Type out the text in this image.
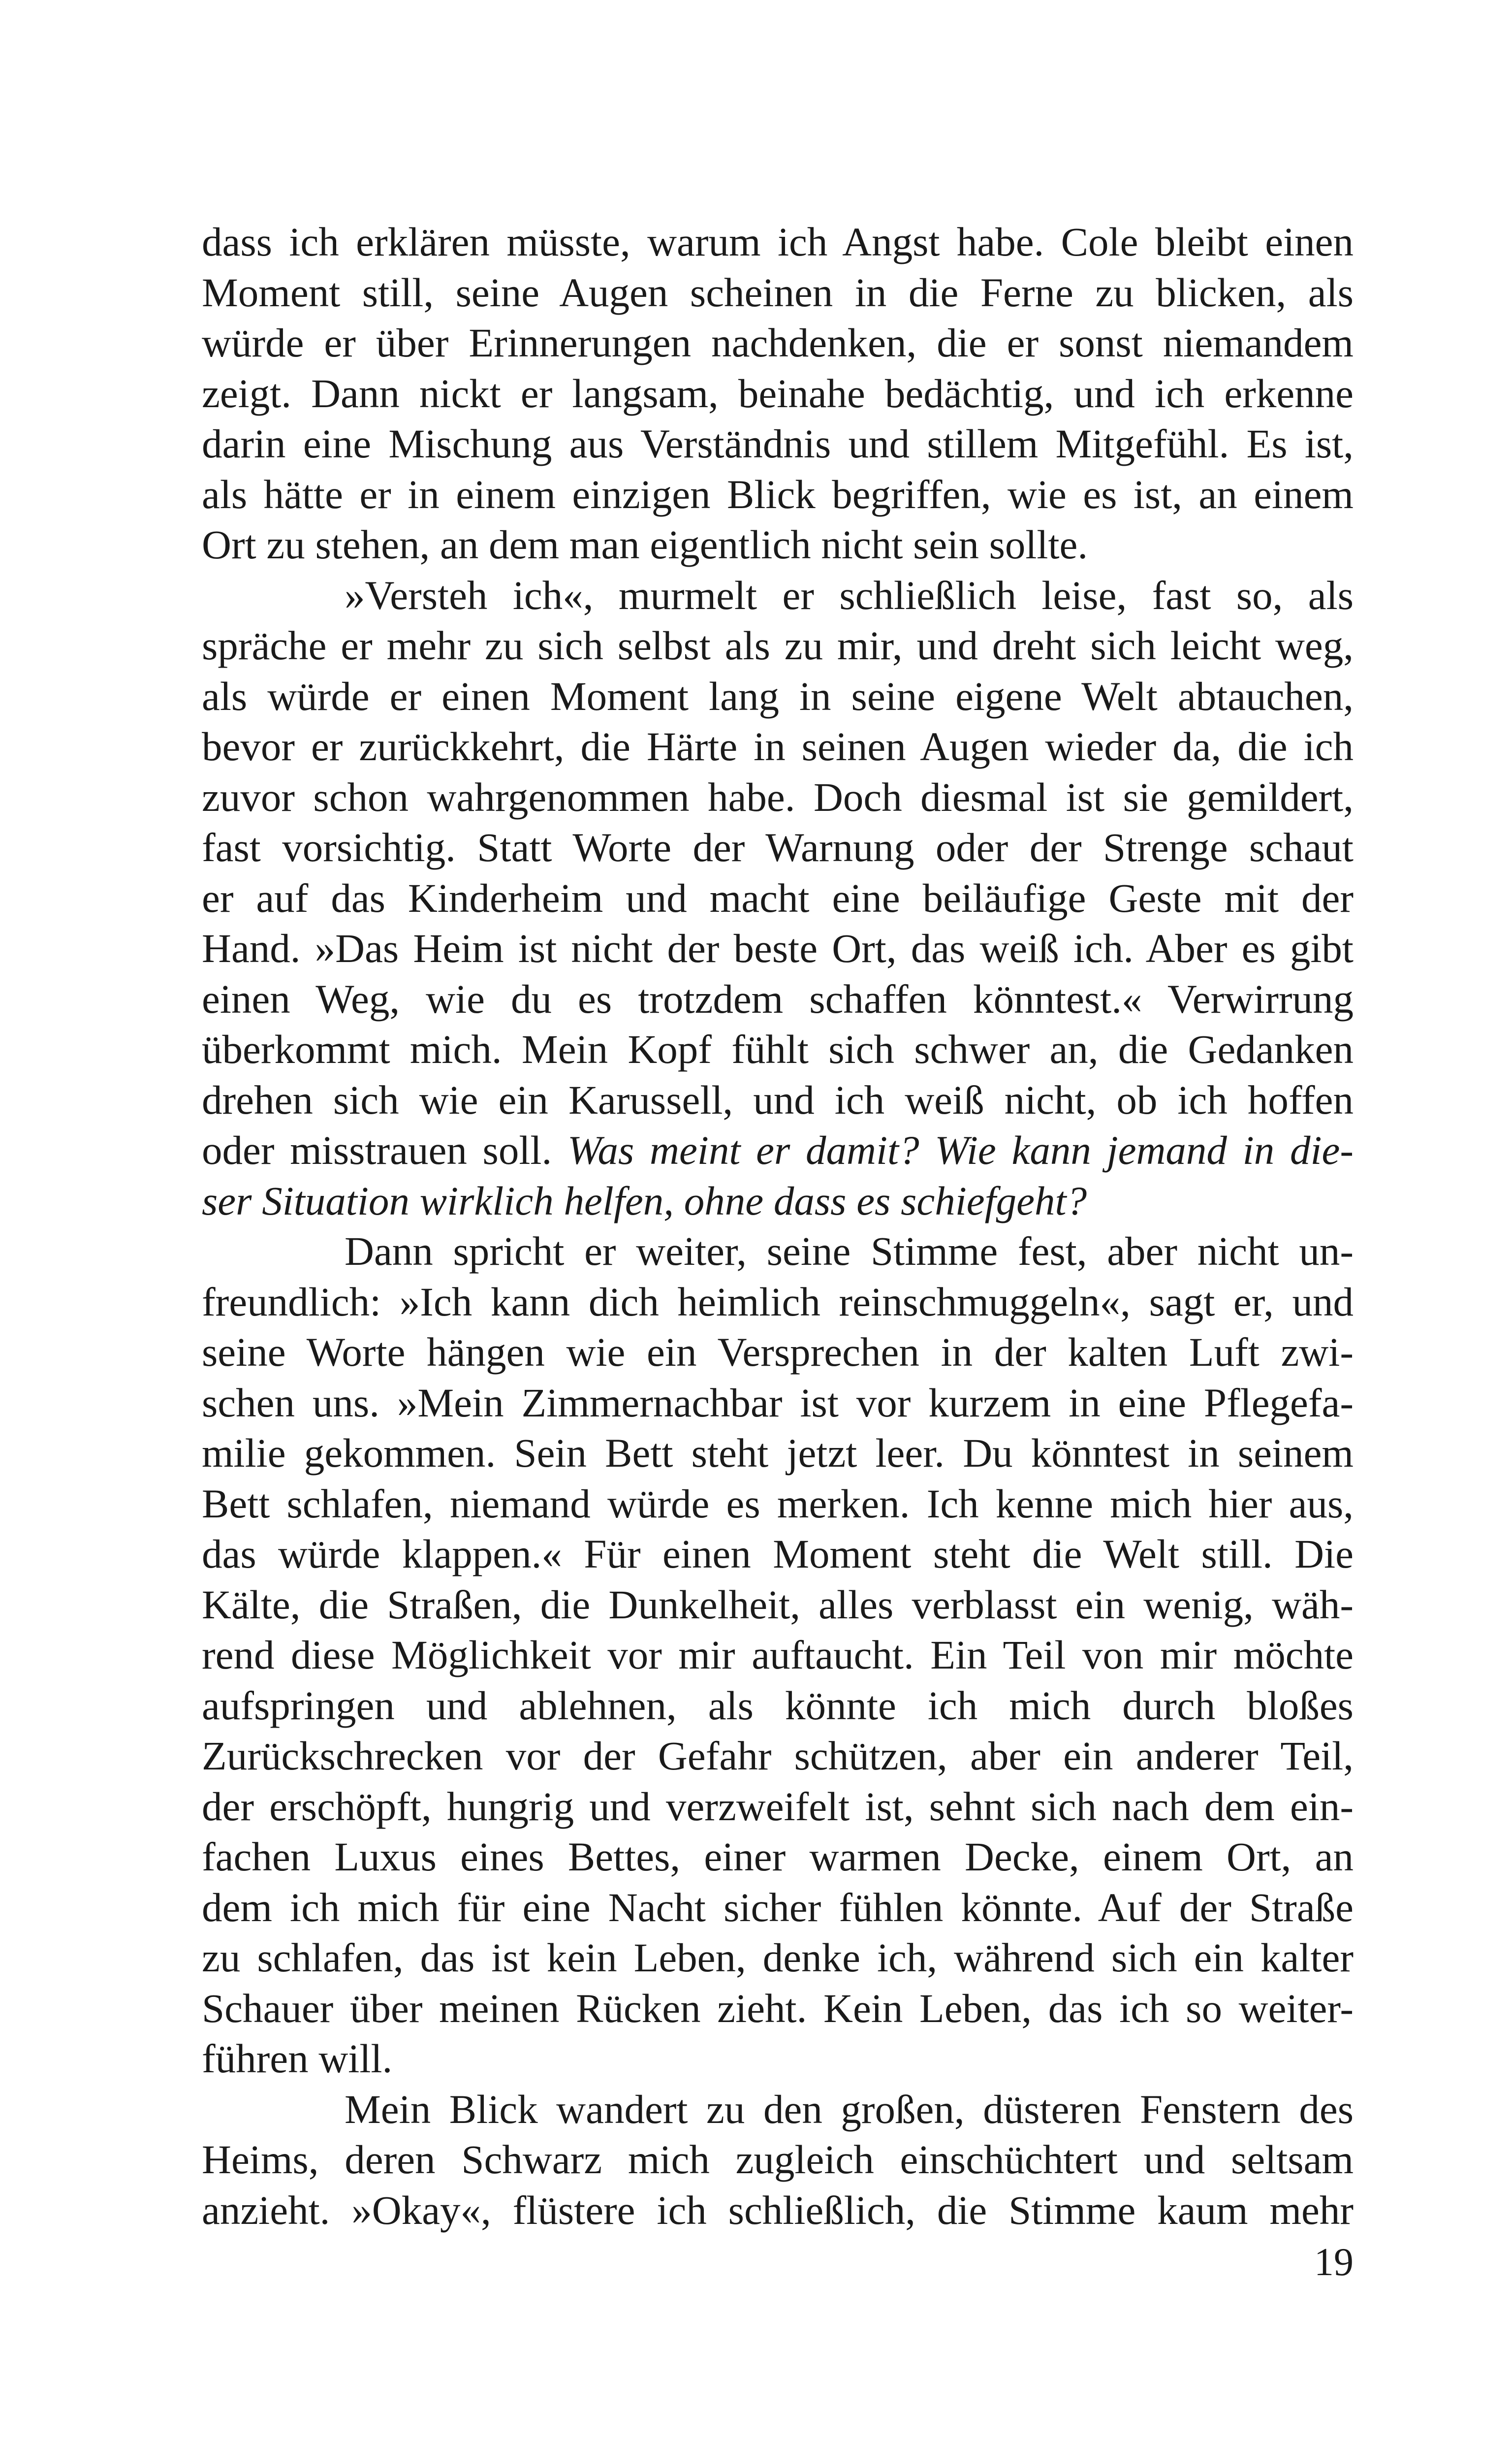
dass ich erklären müsste, warum ich Angst habe. Cole bleibt einen
Moment still, seine Augen scheinen in die Ferne zu blicken, als
würde er über Erinnerungen nachdenken, die er sonst niemandem
zeigt. Dann nickt er langsam, beinahe bedächtig, und ich erkenne
darin eine Mischung aus Verständnis und stillem Mitgefühl. Es ist,
als hätte er in einem einzigen Blick begriffen, wie es ist, an einem
Ort zu stehen, an dem man eigentlich nicht sein sollte.
»Versteh ich«, murmelt er schließlich leise, fast so, als
spräche er mehr zu sich selbst als zu mir, und dreht sich leicht weg,
als würde er einen Moment lang in seine eigene Welt abtauchen,
bevor er zurückkehrt, die Härte in seinen Augen wieder da, die ich
zuvor schon wahrgenommen habe. Doch diesmal ist sie gemildert,
fast vorsichtig. Statt Worte der Warnung oder der Strenge schaut
er auf das Kinderheim und macht eine beiläufige Geste mit der
Hand. »Das Heim ist nicht der beste Ort, das weiß ich. Aber es gibt
einen Weg, wie du es trotzdem schaffen könntest.« Verwirrung
überkommt mich. Mein Kopf fühlt sich schwer an, die Gedanken
drehen sich wie ein Karussell, und ich weiß nicht, ob ich hoffen
oder misstrauen soll. Was meint er damit? Wie kann jemand in die-
ser Situation wirklich helfen, ohne dass es schiefgeht?
Dann spricht er weiter, seine Stimme fest, aber nicht un-
freundlich: »Ich kann dich heimlich reinschmuggeln«, sagt er, und
seine Worte hängen wie ein Versprechen in der kalten Luft zwi-
schen uns. »Mein Zimmernachbar ist vor kurzem in eine Pflegefa-
milie gekommen. Sein Bett steht jetzt leer. Du könntest in seinem
Bett schlafen, niemand würde es merken. Ich kenne mich hier aus,
das würde klappen.« Für einen Moment steht die Welt still. Die
Kälte, die Straßen, die Dunkelheit, alles verblasst ein wenig, wäh-
rend diese Möglichkeit vor mir auftaucht. Ein Teil von mir möchte
aufspringen und ablehnen, als könnte ich mich durch bloßes
Zurückschrecken vor der Gefahr schützen, aber ein anderer Teil,
der erschöpft, hungrig und verzweifelt ist, sehnt sich nach dem ein-
fachen Luxus eines Bettes, einer warmen Decke, einem Ort, an
dem ich mich für eine Nacht sicher fühlen könnte. Auf der Straße
zu schlafen, das ist kein Leben, denke ich, während sich ein kalter
Schauer über meinen Rücken zieht. Kein Leben, das ich so weiter-
führen will.
Mein Blick wandert zu den großen, düsteren Fenstern des
Heims, deren Schwarz mich zugleich einschüchtert und seltsam
anzieht. »Okay«, flüstere ich schließlich, die Stimme kaum mehr
19
